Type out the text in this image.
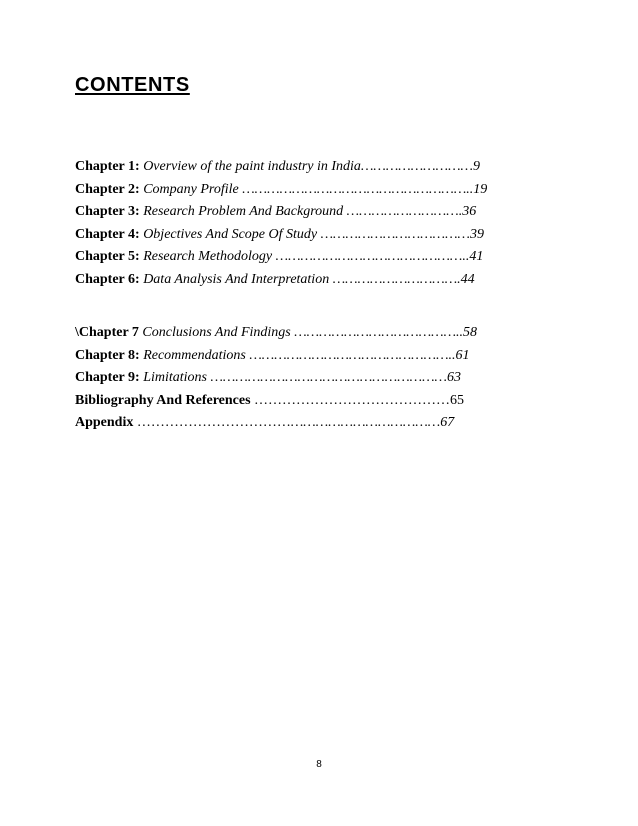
CONTENTS
Chapter 1: Overview of the paint industry in India………………………9
Chapter 2: Company Profile ………………………………………………..19
Chapter 3: Research Problem And Background ……………………….36
Chapter 4: Objectives And Scope Of Study ………………………………39
Chapter 5: Research Methodology ………………………………………..41
Chapter 6: Data Analysis And Interpretation ………………………….44
\Chapter 7 Conclusions And Findings …………………………………..58
Chapter 8: Recommendations …………………………………………..61
Chapter 9: Limitations …………………………………………………63
Bibliography And References ……………………………………65
Appendix ……………………………………………………………67
8
